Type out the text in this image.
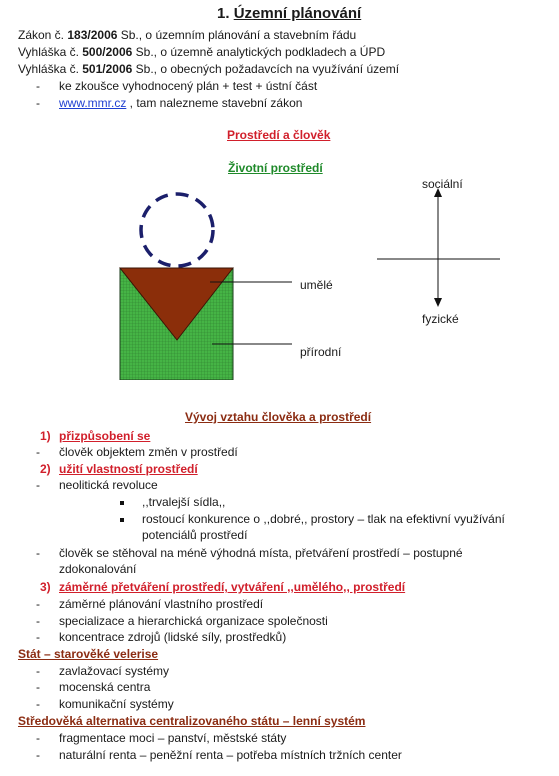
1. Územní plánování
Zákon č. 183/2006 Sb., o územním plánování a stavebním řádu
Vyhláška č. 500/2006 Sb., o územně analytických podkladech a ÚPD
Vyhláška č. 501/2006 Sb., o obecných požadavcích na využívání území
- ke zkoušce vyhodnocený plán + test + ústní část
- www.mmr.cz , tam nalezneme stavební zákon
Prostředí a člověk
Životní prostředí
umělé
přírodní
sociální
fyzické
Vývoj vztahu člověka a prostředí
1) přizpůsobení se
- člověk objektem změn v prostředí
2) užití vlastností prostředí
- neolitická revoluce
,,trvalejší sídla,,
rostoucí konkurence o ,,dobré,, prostory – tlak na efektivní využívání
potenciálů prostředí
- člověk se stěhoval na méně výhodná místa, přetváření prostředí – postupné
zdokonalování
3) záměrné přetváření prostředí, vytváření ,,umělého,, prostředí
- záměrné plánování vlastního prostředí
- specializace a hierarchická organizace společnosti
- koncentrace zdrojů (lidské síly, prostředků)
Stát – starověké velerise
- zavlažovací systémy
- mocenská centra
- komunikační systémy
Středověká alternativa centralizovaného státu – lenní systém
- fragmentace moci – panství, městské státy
- naturální renta – peněžní renta – potřeba místních tržních center
